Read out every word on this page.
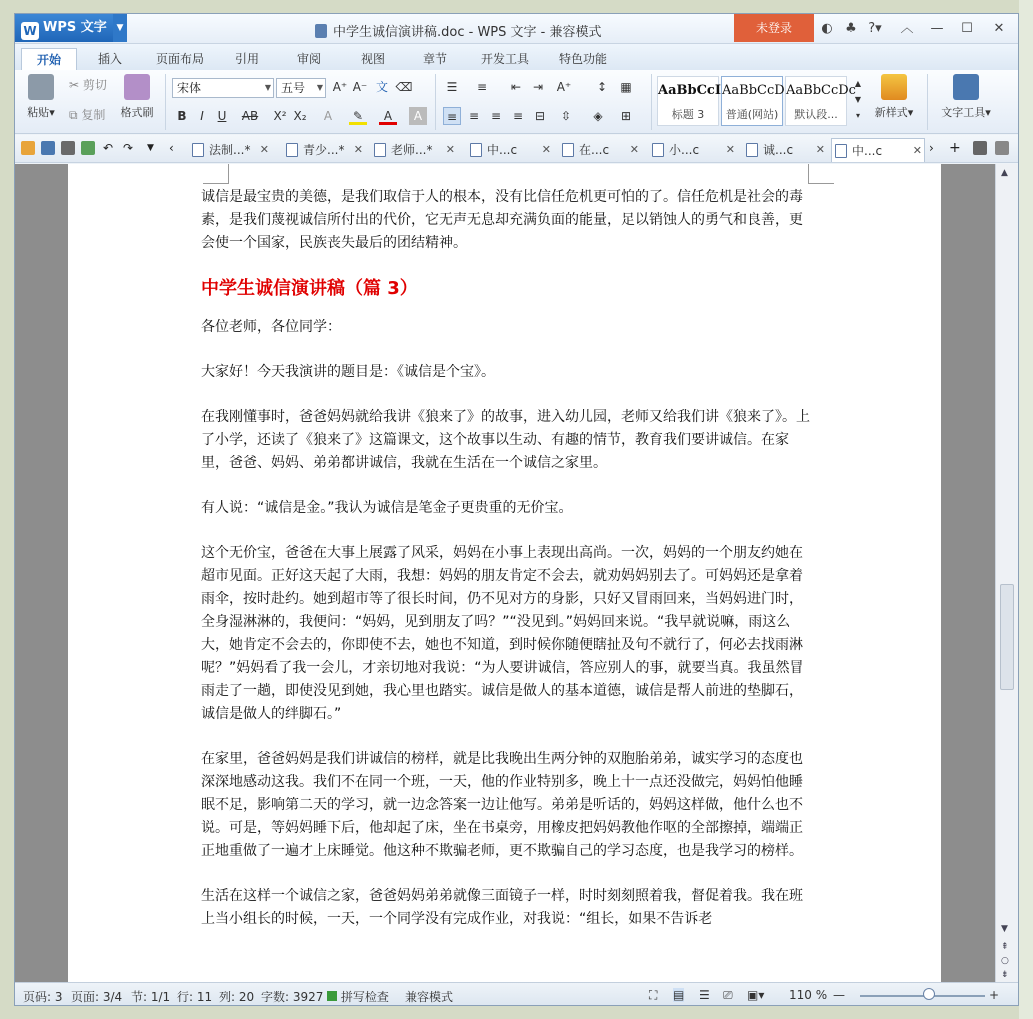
W WPS 文字	▼	中学生诚信演讲稿.doc - WPS 文字 - 兼容模式	未登录	◐ ♣ ?▾ ︿ —	☐	✕
开始	插入	页面布局	引用	审阅	视图	章节	开发工具	特色功能
粘贴▾
✂ 剪切
⧉ 复制	格式刷
宋体	▼ 五号 ▼ A⁺ A⁻ 文 ⌫
B	I	U	AB X² X₂	A	✎	A	A
☰	≡	⇤ ⇥	A⁺	↕	▦
≡ ≡ ≡ ≡ ⊟	⇳	◈	⊞
AaBbCcI
标题 3
AaBbCcD
普通(网站)
AaBbCcDc
默认段...
▲
▼
▾	新样式▾	文字工具▾
↶ ↷	▼	‹	法制...* ✕	青少...* ✕	老师...* ✕	中...c ✕	在...c ✕	小...c ✕	诚...c ✕	中...c	✕ ›	+

诚信是最宝贵的美德，是我们取信于人的根本，没有比信任危机更可怕的了。信任危机是社会的毒素，是我们蔑视诚信所付出的代价，它无声无息却充满负面的能量，足以销蚀人的勇气和良善，更会使一个国家，民族丧失最后的团结精神。

中学生诚信演讲稿（篇 3）

各位老师，各位同学：

大家好！今天我演讲的题目是：《诚信是个宝》。

在我刚懂事时，爸爸妈妈就给我讲《狼来了》的故事，进入幼儿园，老师又给我们讲《狼来了》。上了小学，还读了《狼来了》这篇课文，这个故事以生动、有趣的情节，教育我们要讲诚信。在家里，爸爸、妈妈、弟弟都讲诚信，我就在生活在一个诚信之家里。

有人说：“诚信是金。”我认为诚信是笔金子更贵重的无价宝。

这个无价宝，爸爸在大事上展露了风采，妈妈在小事上表现出高尚。一次，妈妈的一个朋友约她在超市见面。正好这天起了大雨，我想：妈妈的朋友肯定不会去，就劝妈妈别去了。可妈妈还是拿着雨伞，按时赴约。她到超市等了很长时间，仍不见对方的身影，只好又冒雨回来，当妈妈进门时，全身湿淋淋的，我便问：“妈妈，见到朋友了吗？”“没见到。”妈妈回来说。“我早就说嘛，雨这么大，她肯定不会去的，你即使不去，她也不知道，到时候你随便瞎扯及句不就行了，何必去找雨淋呢？”妈妈看了我一会儿，才亲切地对我说：“为人要讲诚信，答应别人的事，就要当真。我虽然冒雨走了一趟，即使没见到她，我心里也踏实。诚信是做人的基本道德，诚信是帮人前进的垫脚石，诚信是做人的绊脚石。”

在家里，爸爸妈妈是我们讲诚信的榜样，就是比我晚出生两分钟的双胞胎弟弟，诚实学习的态度也深深地感动这我。我们不在同一个班，一天，他的作业特别多，晚上十一点还没做完，妈妈怕他睡眠不足，影响第二天的学习，就一边念答案一边让他写。弟弟是听话的，妈妈这样做，他什么也不说。可是，等妈妈睡下后，他却起了床，坐在书桌旁，用橡皮把妈妈教他作呕的全部擦掉，端端正正地重做了一遍才上床睡觉。他这种不欺骗老师，更不欺骗自己的学习态度，也是我学习的榜样。

生活在这样一个诚信之家，爸爸妈妈弟弟就像三面镜子一样，时时刻刻照着我，督促着我。我在班上当小组长的时候，一天，一个同学没有完成作业，对我说：“组长，如果不告诉老

▲
▼
⇞
○
⇟
页码: 3 页面: 3/4 节: 1/1 行: 11 列: 20 字数: 3927	拼写检查 兼容模式	⛶ ▤ ☰ ⎚ ▣▾ 110 % —	+
